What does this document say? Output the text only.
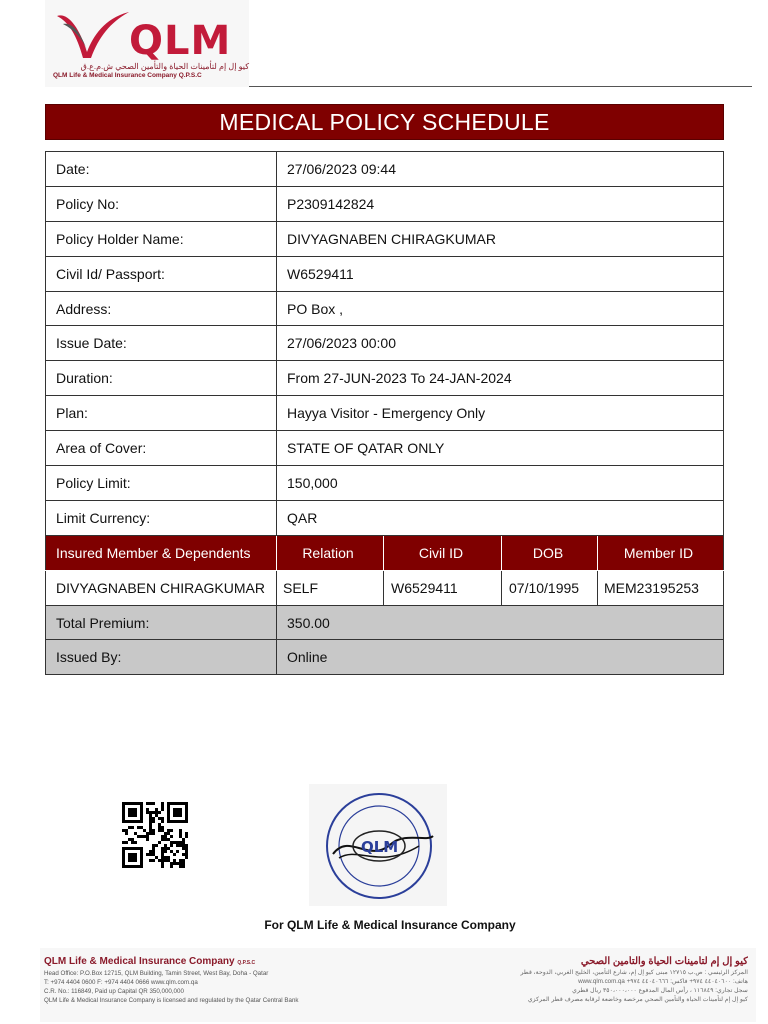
QLM
كيو إل إم لتأمينات الحياة والتأمين الصحي ش.م.ع.ق
QLM Life & Medical Insurance Company Q.P.S.C
MEDICAL POLICY SCHEDULE
Date:	27/06/2023 09:44			
Policy No:	P2309142824			
Policy Holder Name:	DIVYAGNABEN CHIRAGKUMAR			
Civil Id/ Passport:	W6529411			
Address:	PO Box ,			
Issue Date:	27/06/2023 00:00			
Duration:	From 27-JUN-2023 To 24-JAN-2024			
Plan:	Hayya Visitor - Emergency Only			
Area of Cover:	STATE OF QATAR ONLY			
Policy Limit:	150,000			
Limit Currency:	QAR			
Insured Member & Dependents	Relation	Civil ID	DOB	Member ID
DIVYAGNABEN CHIRAGKUMAR	SELF	W6529411	07/10/1995	MEM23195253
Total Premium:	350.00			
Issued By:	Online			
QLM
For QLM Life & Medical Insurance Company
QLM Life & Medical Insurance Company Q.P.S.C
Head Office: P.O.Box 12715, QLM Building, Tamin Street, West Bay, Doha - Qatar
T: +974 4404 0600 F: +974 4404 0666 www.qlm.com.qa
C.R. No.: 116849, Paid up Capital QR 350,000,000
QLM Life & Medical Insurance Company is licensed and regulated by the Qatar Central Bank
كيو إل إم لتأمينات الحياة والتأمين الصحي
المركز الرئيسي : ص.ب ١٢٧١٥ مبنى كيو إل إم، شارع التأمين، الخليج الغربي، الدوحة، قطر
هاتف: ٤٤٠٤٠٦٠٠ ٩٧٤+ فاكس: ٤٤٠٤٠٦٦٦ ٩٧٤+ www.qlm.com.qa
سجل تجاري: ١١٦٨٤٩ ، رأس المال المدفوع ٣٥٠،٠٠٠،٠٠٠ ريال قطري
كيو إل إم لتأمينات الحياة والتأمين الصحي مرخصة وخاضعة لرقابة مصرف قطر المركزي
